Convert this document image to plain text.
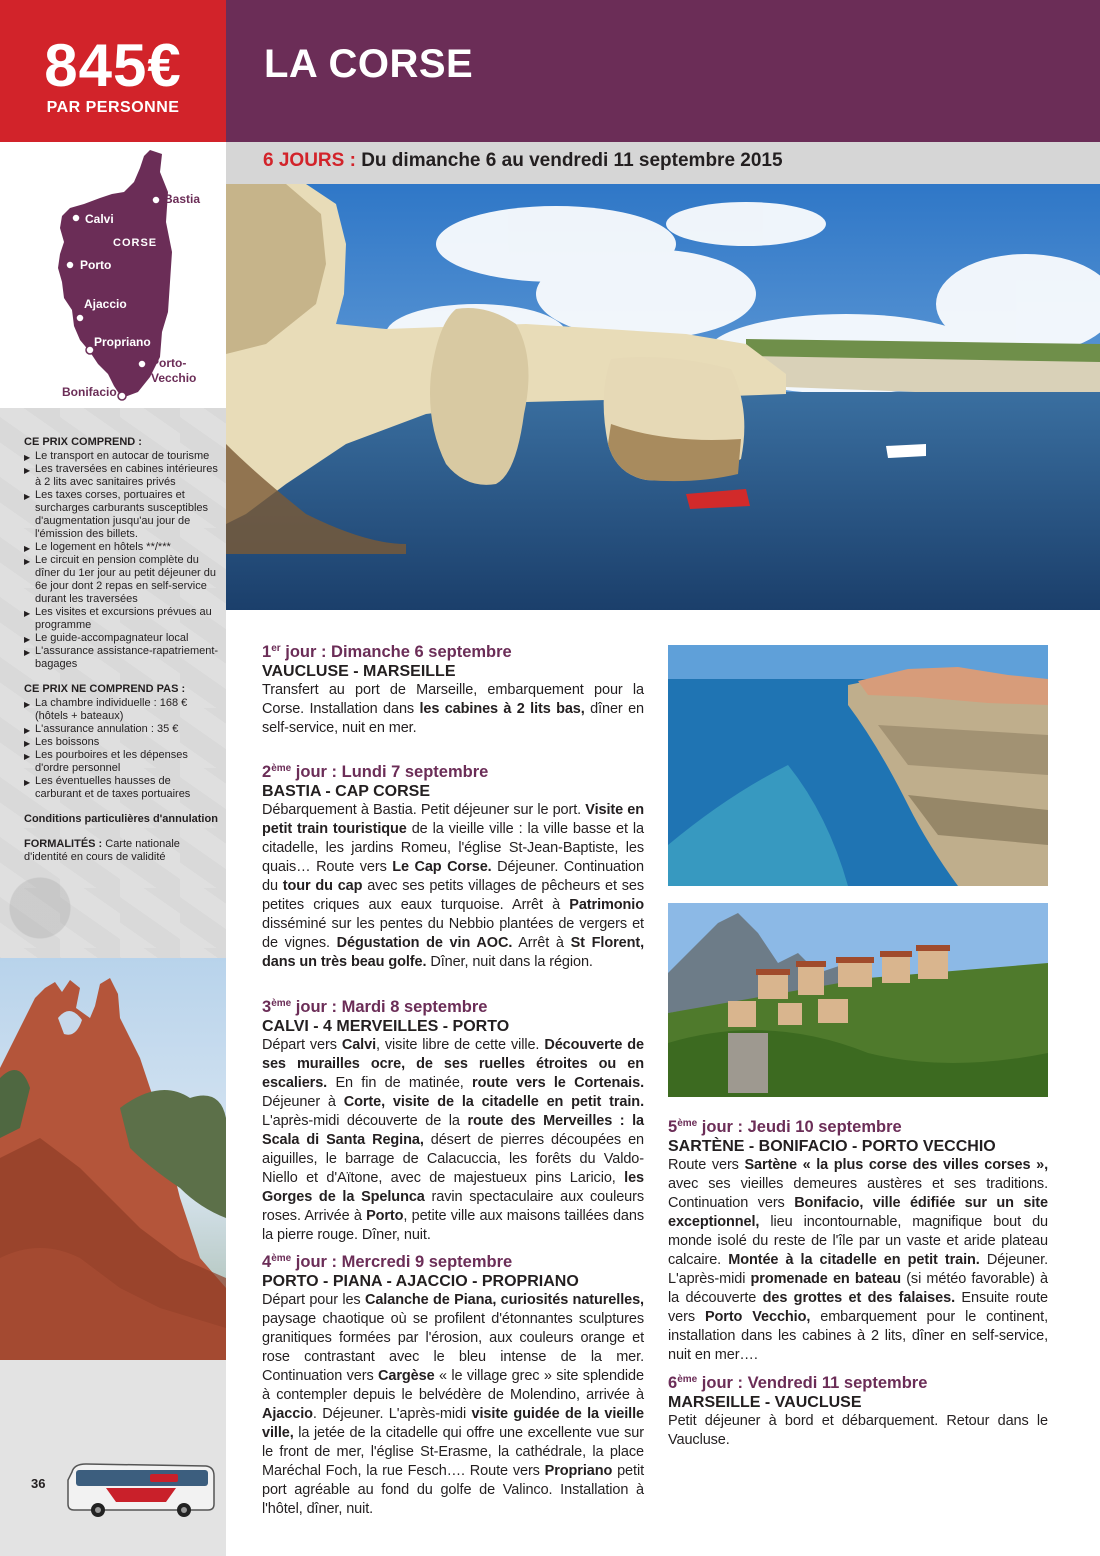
845€
PAR PERSONNE
Bastia
Calvi
CORSE
Porto
Ajaccio
Propriano
Porto-
Vecchio
Bonifacio
CE PRIX COMPREND :
▶ Le transport en autocar de tourisme
▶ Les traversées en cabines intérieures à 2 lits avec sanitaires privés
▶ Les taxes corses, portuaires et surcharges carburants susceptibles d'augmentation jusqu'au jour de l'émission des billets.
▶ Le logement en hôtels **/***
▶ Le circuit en pension complète du dîner du 1er jour au petit déjeuner du 6e jour dont 2 repas en self-service durant les traversées
▶ Les visites et excursions prévues au programme
▶ Le guide-accompagnateur local
▶ L'assurance assistance-rapatriement-bagages
CE PRIX NE COMPREND PAS :
▶ La chambre individuelle : 168 € (hôtels + bateaux)
▶ L'assurance annulation : 35 €
▶ Les boissons
▶ Les pourboires et les dépenses d'ordre personnel
▶ Les éventuelles hausses de carburant et de taxes portuaires
Conditions particulières d'annulation
FORMALITÉS : Carte nationale d'identité en cours de validité
36
LA CORSE
6 JOURS : Du dimanche 6 au vendredi 11 septembre 2015
1er jour : Dimanche 6 septembre
VAUCLUSE - MARSEILLE
Transfert au port de Marseille, embarquement pour la Corse. Installation dans les cabines à 2 lits bas, dîner en self-service, nuit en mer.
2ème jour : Lundi 7 septembre
BASTIA - CAP CORSE
Débarquement à Bastia. Petit déjeuner sur le port. Visite en petit train touristique de la vieille ville : la ville basse et la citadelle, les jardins Romeu, l'église St-Jean-Baptiste, les quais… Route vers Le Cap Corse. Déjeuner. Continuation du tour du cap avec ses petits villages de pêcheurs et ses petites criques aux eaux turquoise. Arrêt à Patrimonio disséminé sur les pentes du Nebbio plantées de vergers et de vignes. Dégustation de vin AOC. Arrêt à St Florent, dans un très beau golfe. Dîner, nuit dans la région.
3ème jour : Mardi 8 septembre
CALVI - 4 MERVEILLES - PORTO
Départ vers Calvi, visite libre de cette ville. Découverte de ses murailles ocre, de ses ruelles étroites ou en escaliers. En fin de matinée, route vers le Cortenais. Déjeuner à Corte, visite de la citadelle en petit train. L'après-midi découverte de la route des Merveilles : la Scala di Santa Regina, désert de pierres découpées en aiguilles, le barrage de Calacuccia, les forêts du Valdo-Niello et d'Aïtone, avec de majestueux pins Laricio, les Gorges de la Spelunca ravin spectaculaire aux couleurs roses. Arrivée à Porto, petite ville aux maisons taillées dans la pierre rouge. Dîner, nuit.
4ème jour : Mercredi 9 septembre
PORTO - PIANA - AJACCIO - PROPRIANO
Départ pour les Calanche de Piana, curiosités naturelles, paysage chaotique où se profilent d'étonnantes sculptures granitiques formées par l'érosion, aux couleurs orange et rose contrastant avec le bleu intense de la mer. Continuation vers Cargèse « le village grec » site splendide à contempler depuis le belvédère de Molendino, arrivée à Ajaccio. Déjeuner. L'après-midi visite guidée de la vieille ville, la jetée de la citadelle qui offre une excellente vue sur le front de mer, l'église St-Erasme, la cathédrale, la place Maréchal Foch, la rue Fesch…. Route vers Propriano petit port agréable au fond du golfe de Valinco. Installation à l'hôtel, dîner, nuit.
5ème jour : Jeudi 10 septembre
SARTÈNE - BONIFACIO - PORTO VECCHIO
Route vers Sartène « la plus corse des villes corses », avec ses vieilles demeures austères et ses traditions. Continuation vers Bonifacio, ville édifiée sur un site exceptionnel, lieu incontournable, magnifique bout du monde isolé du reste de l'île par un vaste et aride plateau calcaire. Montée à la citadelle en petit train. Déjeuner. L'après-midi promenade en bateau (si météo favorable) à la découverte des grottes et des falaises. Ensuite route vers Porto Vecchio, embarquement pour le continent, installation dans les cabines à 2 lits, dîner en self-service, nuit en mer….
6ème jour : Vendredi 11 septembre
MARSEILLE - VAUCLUSE
Petit déjeuner à bord et débarquement. Retour dans le Vaucluse.
